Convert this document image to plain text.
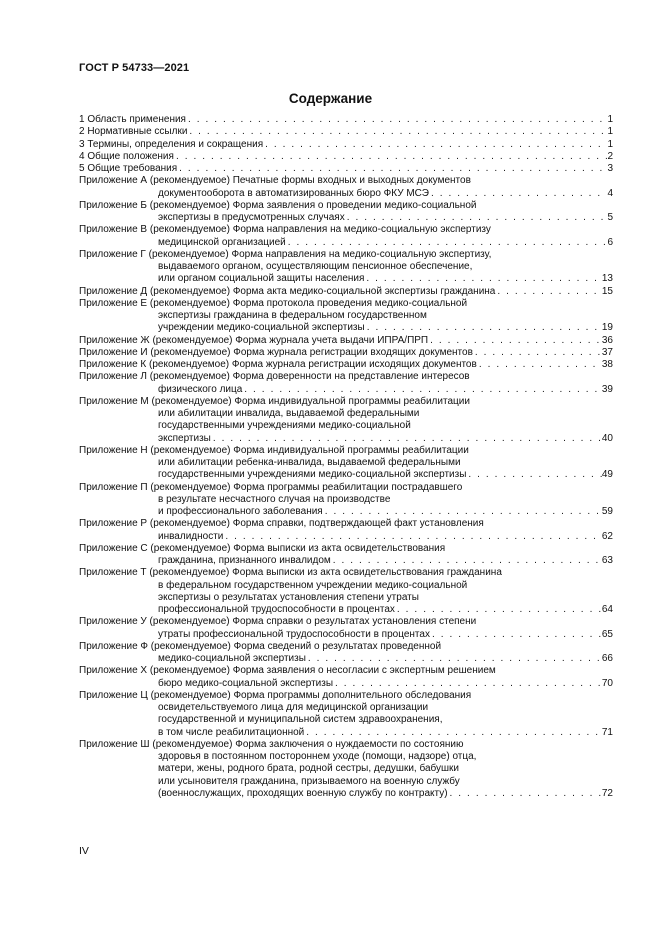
ГОСТ Р 54733—2021
Содержание
1 Область применения . . .	1
2 Нормативные ссылки . . .	1
3 Термины, определения и сокращения . . .	1
4 Общие положения . . .	2
5 Общие требования . . .	3
Приложение А (рекомендуемое) Печатные формы входных и выходных документов
документооборота в автоматизированных бюро ФКУ МСЭ . . .	4
Приложение Б (рекомендуемое) Форма заявления о проведении медико-социальной
экспертизы в предусмотренных случаях . . .	5
Приложение В (рекомендуемое) Форма направления на медико-социальную экспертизу
медицинской организацией . . .	6
Приложение Г (рекомендуемое) Форма направления на медико-социальную экспертизу,
выдаваемого органом, осуществляющим пенсионное обеспечение,
или органом социальной защиты населения . . .	13
Приложение Д (рекомендуемое) Форма акта медико-социальной экспертизы гражданина . . .	15
Приложение Е (рекомендуемое) Форма протокола проведения медико-социальной
экспертизы гражданина в федеральном государственном
учреждении медико-социальной экспертизы . . .	19
Приложение Ж (рекомендуемое) Форма журнала учета выдачи ИПРА/ПРП . . .	36
Приложение И (рекомендуемое) Форма журнала регистрации входящих документов . . .	37
Приложение К (рекомендуемое) Форма журнала регистрации исходящих документов . . .	38
Приложение Л (рекомендуемое) Форма доверенности на представление интересов
физического лица . . .	39
Приложение М (рекомендуемое) Форма индивидуальной программы реабилитации
или абилитации инвалида, выдаваемой федеральными
государственными учреждениями медико-социальной
экспертизы . . .	40
Приложение Н (рекомендуемое) Форма индивидуальной программы реабилитации
или абилитации ребенка-инвалида, выдаваемой федеральными
государственными учреждениями медико-социальной экспертизы . . .	49
Приложение П (рекомендуемое) Форма программы реабилитации пострадавшего
в результате несчастного случая на производстве
и профессионального заболевания . . .	59
Приложение Р (рекомендуемое) Форма справки, подтверждающей факт установления
инвалидности . . .	62
Приложение С (рекомендуемое) Форма выписки из акта освидетельствования
гражданина, признанного инвалидом . . .	63
Приложение Т (рекомендуемое) Форма выписки из акта освидетельствования гражданина
в федеральном государственном учреждении медико-социальной
экспертизы о результатах установления степени утраты
профессиональной трудоспособности в процентах . . .	64
Приложение У (рекомендуемое) Форма справки о результатах установления степени
утраты профессиональной трудоспособности в процентах . . .	65
Приложение Ф (рекомендуемое) Форма сведений о результатах проведенной
медико-социальной экспертизы . . .	66
Приложение Х (рекомендуемое) Форма заявления о несогласии с экспертным решением
бюро медико-социальной экспертизы . . .	70
Приложение Ц (рекомендуемое) Форма программы дополнительного обследования
освидетельствуемого лица для медицинской организации
государственной и муниципальной систем здравоохранения,
в том числе реабилитационной . . .	71
Приложение Ш (рекомендуемое) Форма заключения о нуждаемости по состоянию
здоровья в постоянном постороннем уходе (помощи, надзоре) отца,
матери, жены, родного брата, родной сестры, дедушки, бабушки
или усыновителя гражданина, призываемого на военную службу
(военнослужащих, проходящих военную службу по контракту) . . .	72
IV
